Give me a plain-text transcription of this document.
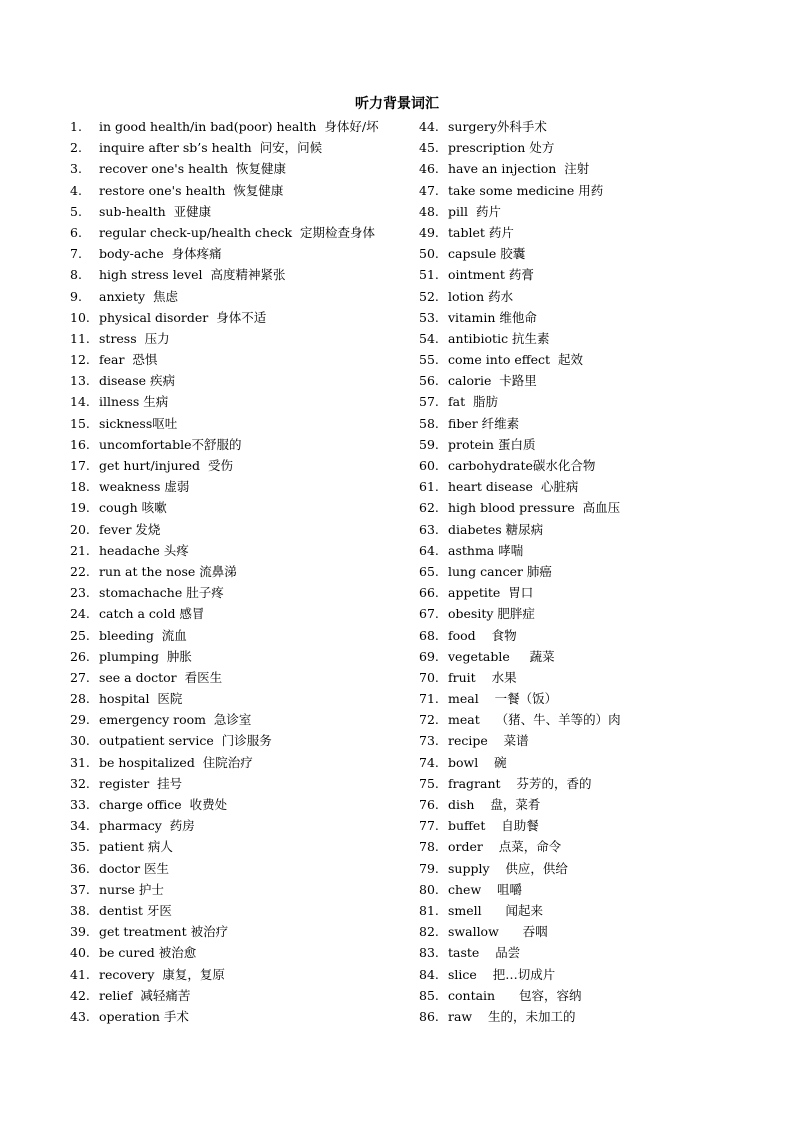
听力背景词汇
1.	in good health/in bad(poor) health  身体好/坏
2.	inquire after sb’s health  问安，问候
3.	recover one's health  恢复健康
4.	restore one's health  恢复健康
5.	sub-health  亚健康
6.	regular check-up/health check  定期检查身体
7.	body-ache  身体疼痛
8.	high stress level  高度精神紧张
9.	anxiety  焦虑
10. physical disorder  身体不适
11. stress  压力
12. fear  恐惧
13. disease 疾病
14. illness 生病
15. sickness呕吐
16. uncomfortable不舒服的
17. get hurt/injured  受伤
18. weakness 虚弱
19. cough 咳嗽
20. fever 发烧
21. headache 头疼
22. run at the nose 流鼻涕
23. stomachache 肚子疼
24. catch a cold 感冒
25. bleeding  流血
26. plumping  肿胀
27. see a doctor  看医生
28. hospital  医院
29. emergency room  急诊室
30. outpatient service  门诊服务
31. be hospitalized  住院治疗
32. register  挂号
33. charge office  收费处
34. pharmacy  药房
35. patient 病人
36. doctor 医生
37. nurse 护士
38. dentist 牙医
39. get treatment 被治疗
40. be cured 被治愈
41. recovery  康复，复原
42. relief  减轻痛苦
43. operation 手术
44. surgery外科手术
45. prescription 处方
46. have an injection  注射
47. take some medicine 用药
48. pill  药片
49. tablet 药片
50. capsule 胶囊
51. ointment 药膏
52. lotion 药水
53. vitamin 维他命
54. antibiotic 抗生素
55. come into effect  起效
56. calorie  卡路里
57. fat  脂肪
58. fiber 纤维素
59. protein 蛋白质
60. carbohydrate碳水化合物
61. heart disease  心脏病
62. high blood pressure  高血压
63. diabetes 糖尿病
64. asthma 哮喘
65. lung cancer 肺癌
66. appetite  胃口
67. obesity 肥胖症
68. food    食物
69. vegetable     蔬菜
70. fruit    水果
71. meal    一餐（饭）
72. meat    （猪、牛、羊等的）肉
73. recipe    菜谱
74. bowl    碗
75. fragrant    芬芳的，香的
76. dish    盘，菜肴
77. buffet    自助餐
78. order    点菜，命令
79. supply    供应，供给
80. chew    咀嚼
81. smell      闻起来
82. swallow      吞咽
83. taste    品尝
84. slice    把…切成片
85. contain      包容，容纳
86. raw    生的，未加工的
